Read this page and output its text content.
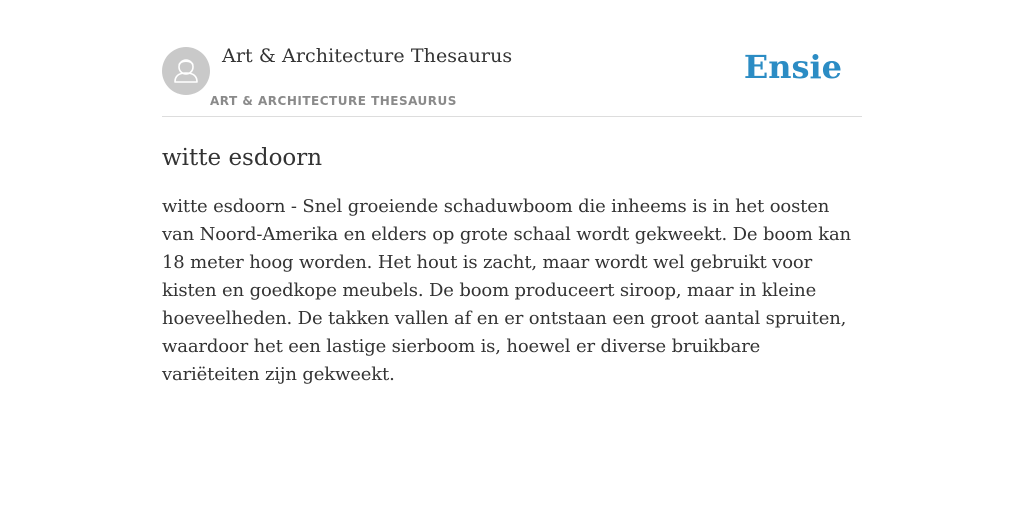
Art & Architecture Thesaurus
ART & ARCHITECTURE THESAURUS
Ensie
witte esdoorn

witte esdoorn - Snel groeiende schaduwboom die inheems is in het oosten van Noord-Amerika en elders op grote schaal wordt gekweekt. De boom kan 18 meter hoog worden. Het hout is zacht, maar wordt wel gebruikt voor kisten en goedkope meubels. De boom produceert siroop, maar in kleine hoeveelheden. De takken vallen af en er ontstaan een groot aantal spruiten, waardoor het een lastige sierboom is, hoewel er diverse bruikbare variëteiten zijn gekweekt.
